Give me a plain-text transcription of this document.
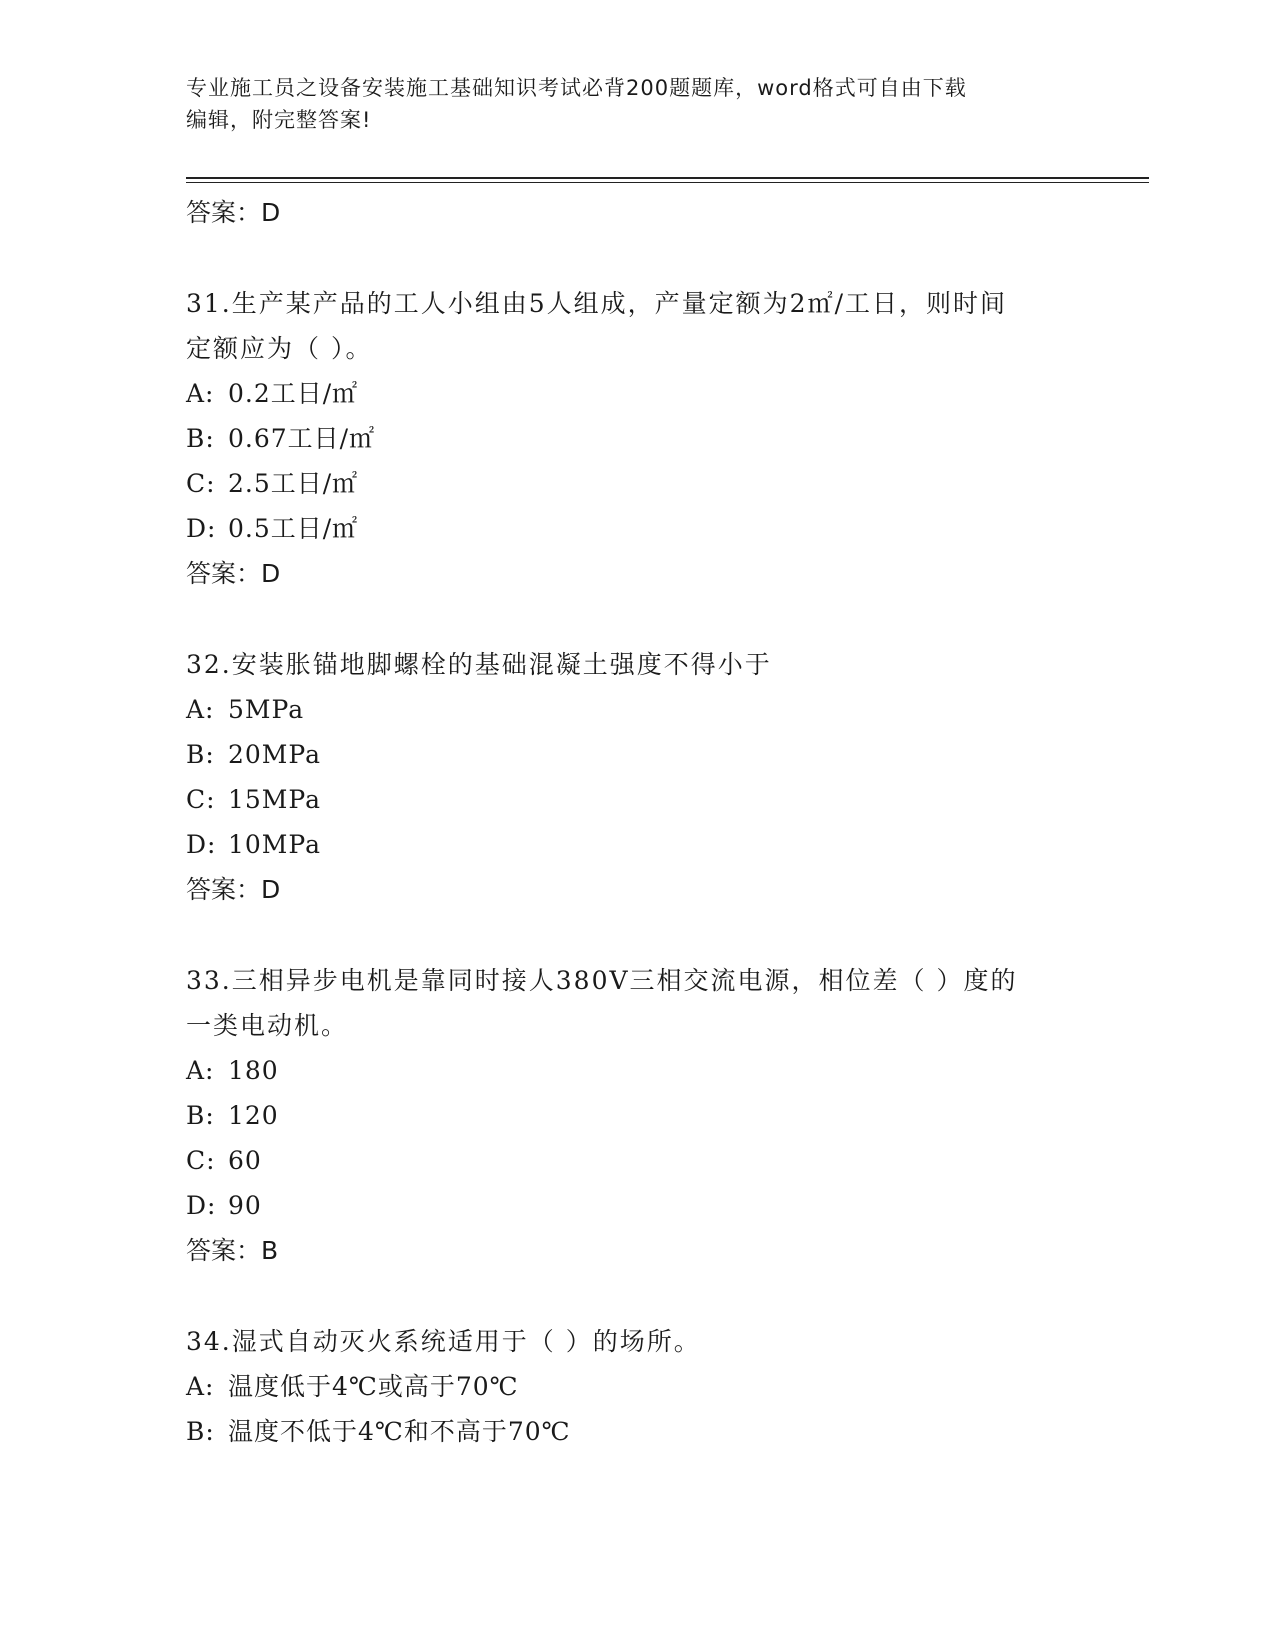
专业施工员之设备安装施工基础知识考试必背200题题库，word格式可自由下载
编辑，附完整答案!
答案：D
31.生产某产品的工人小组由5人组成，产量定额为2㎡/工日，则时间
定额应为（ ）。
A: 0.2工日/㎡
B: 0.67工日/㎡
C: 2.5工日/㎡
D: 0.5工日/㎡
答案：D
32.安装胀锚地脚螺栓的基础混凝土强度不得小于
A: 5MPa
B: 20MPa
C: 15MPa
D: 10MPa
答案：D
33.三相异步电机是靠同时接人380V三相交流电源，相位差（ ）度的
一类电动机。
A: 180
B: 120
C: 60
D: 90
答案：B
34.湿式自动灭火系统适用于（ ）的场所。
A: 温度低于4℃或高于70℃
B: 温度不低于4℃和不高于70℃
